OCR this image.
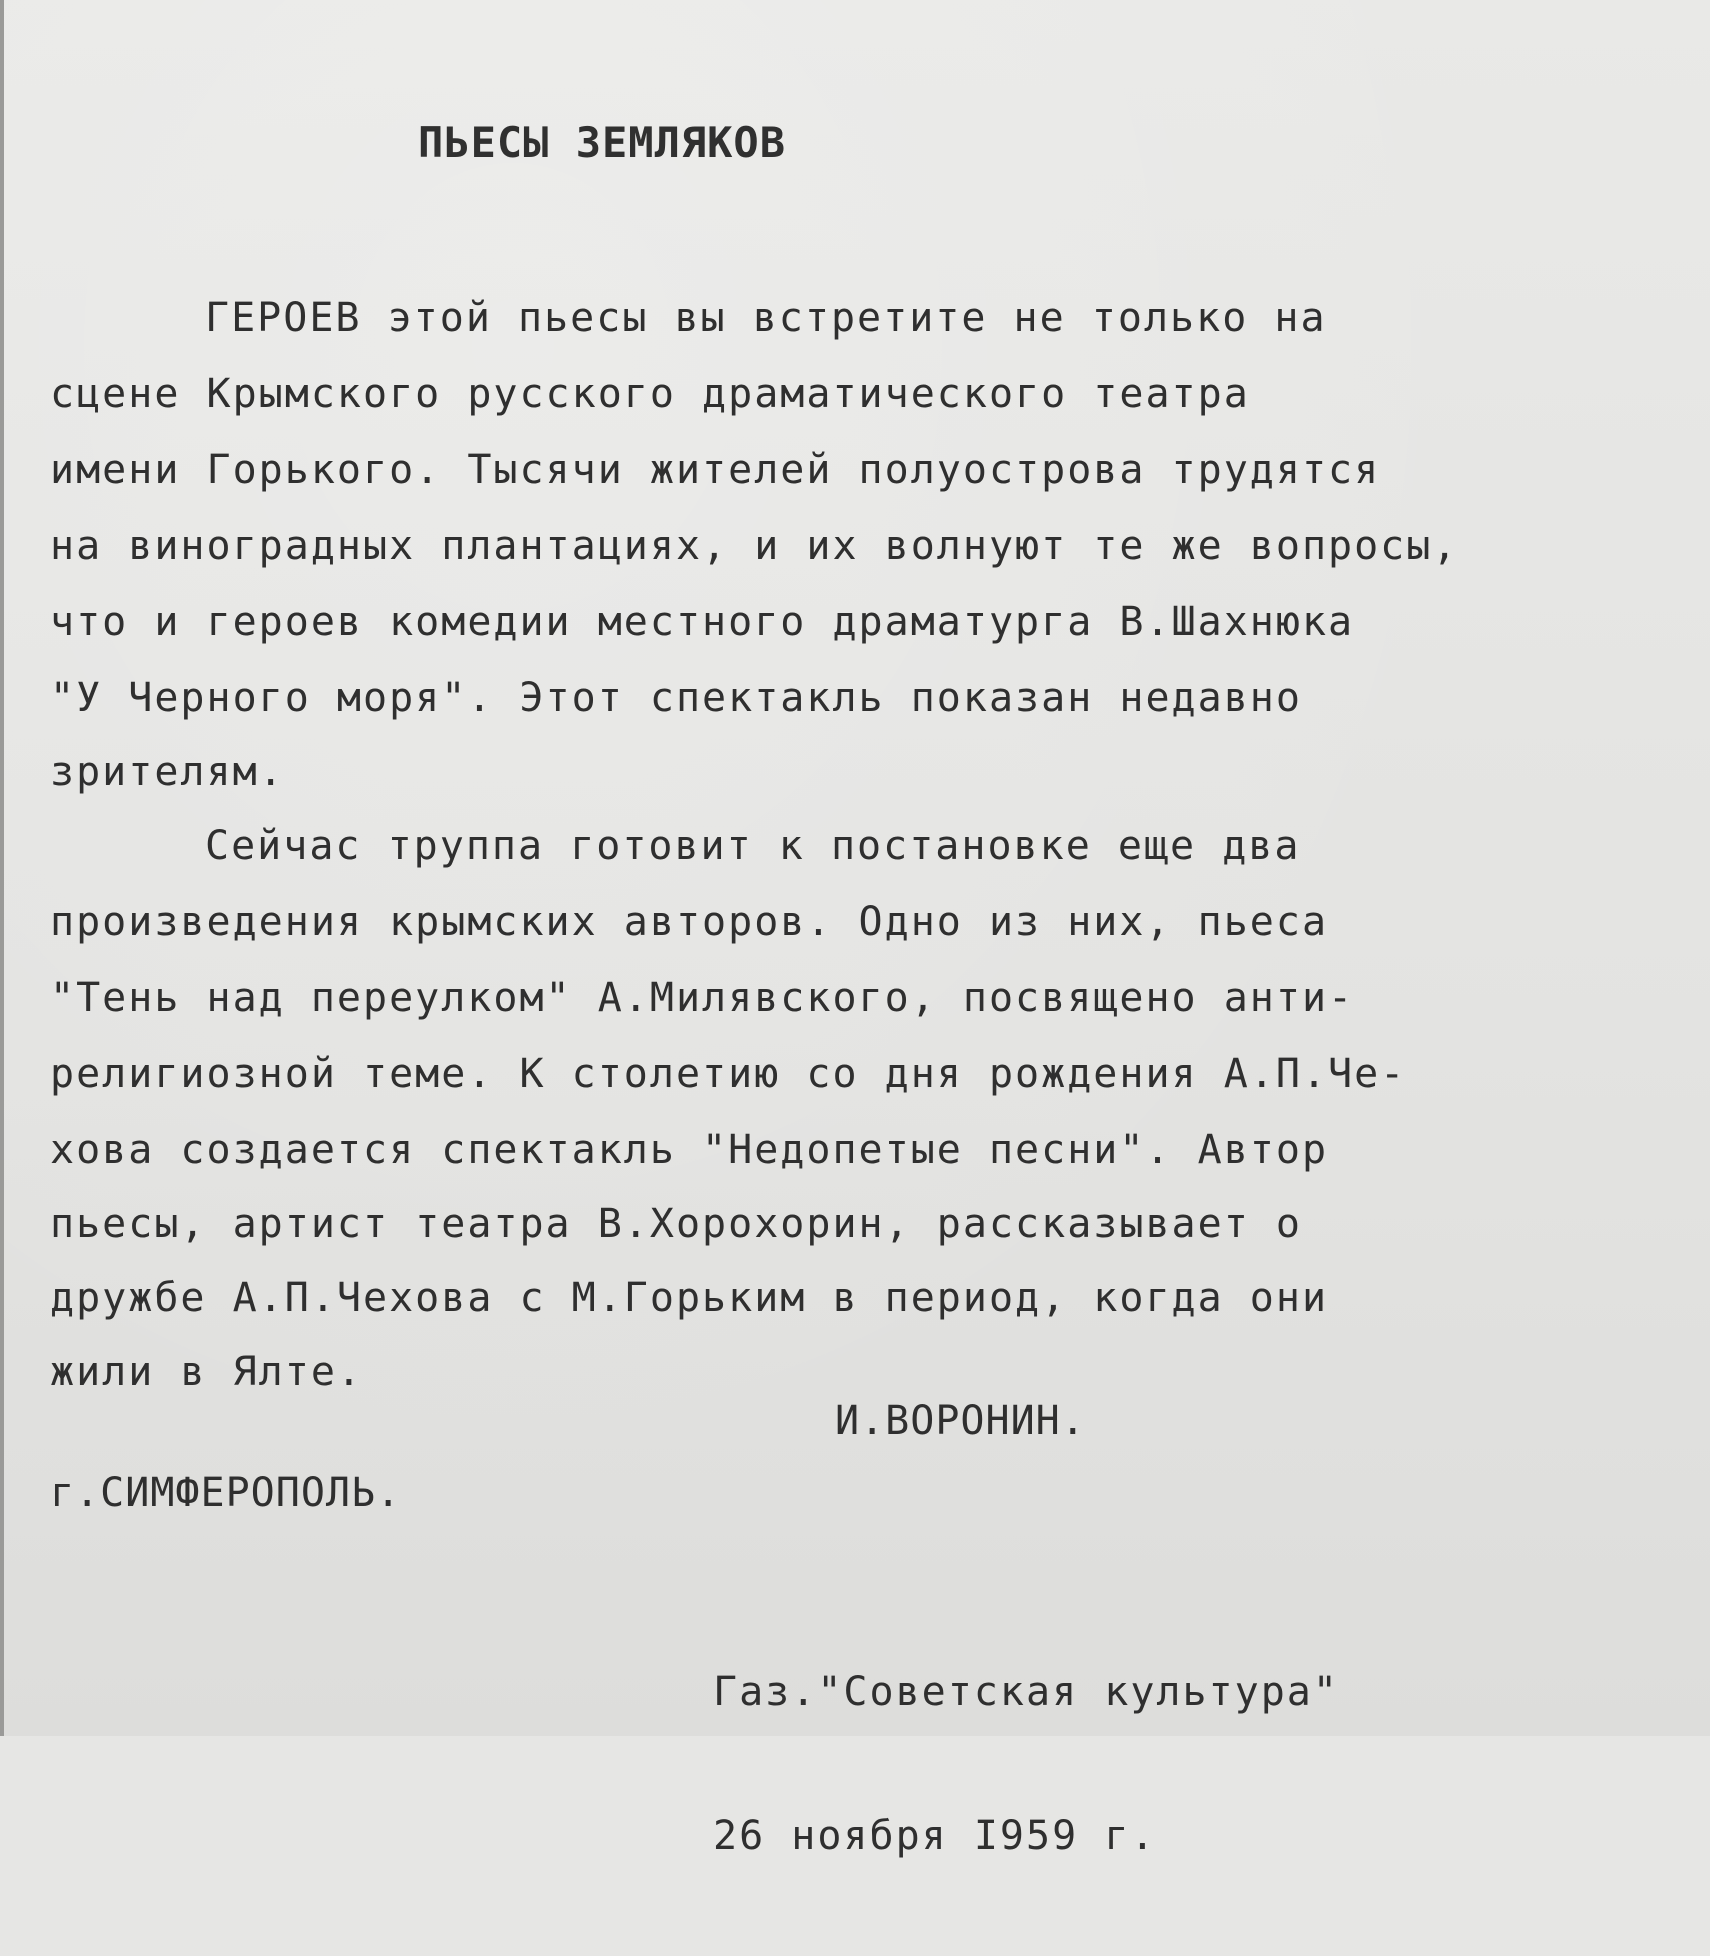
ПЬЕСЫ ЗЕМЛЯКОВ
ГЕРОЕВ этой пьесы вы встретите не только на
сцене Крымского русского драматического театра
имени Горького. Тысячи жителей полуострова трудятся
на виноградных плантациях, и их волнуют те же вопросы,
что и героев комедии местного драматурга В.Шахнюка
"У Черного моря". Этот спектакль показан недавно
зрителям.
Сейчас труппа готовит к постановке еще два
произведения крымских авторов. Одно из них, пьеса
"Тень над переулком" А.Милявского, посвящено анти-
религиозной теме. К столетию со дня рождения А.П.Че-
хова создается спектакль "Недопетые песни". Автор
пьесы, артист театра В.Хорохорин, рассказывает о
дружбе А.П.Чехова с М.Горьким в период, когда они
жили в Ялте.
И.ВОРОНИН.
г.СИМФЕРОПОЛЬ.

Газ."Советская культура"

26 ноября I959 г.
